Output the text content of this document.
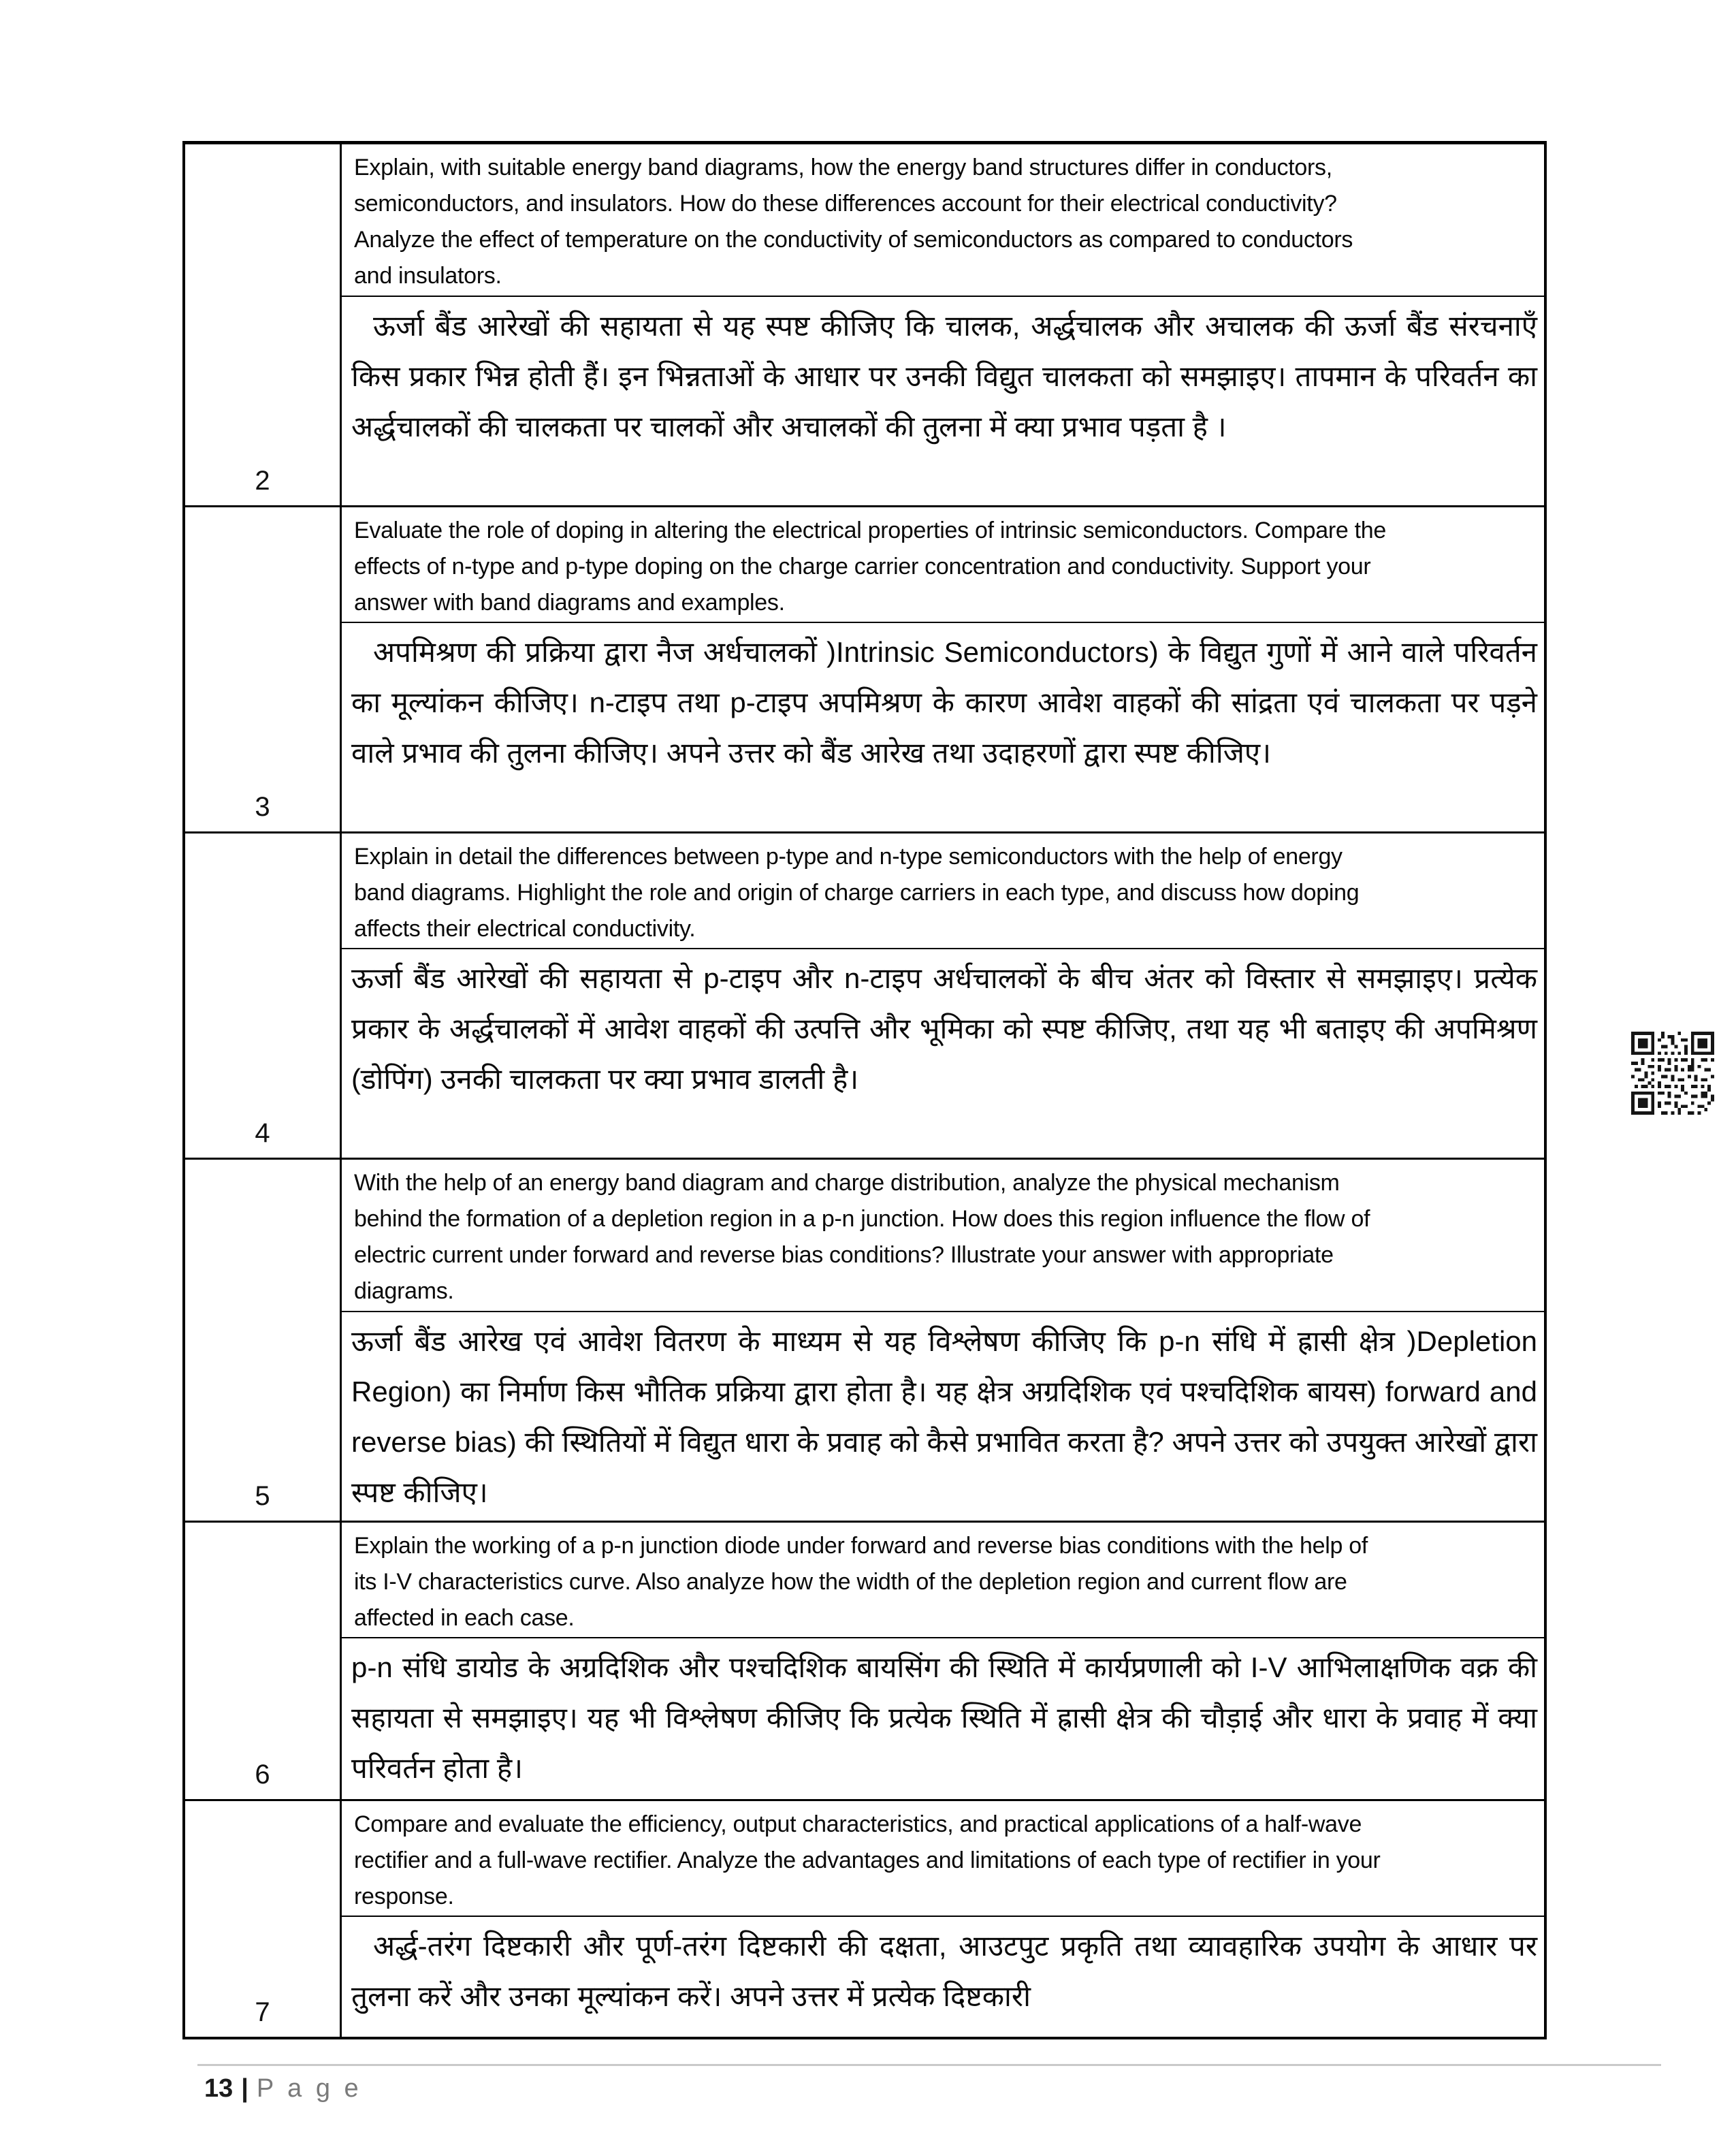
2
Explain, with suitable energy band diagrams, how the energy band structures differ in conductors, semiconductors, and insulators. How do these differences account for their electrical conductivity? Analyze the effect of temperature on the conductivity of semiconductors as compared to conductors and insulators.
ऊर्जा बैंड आरेखों की सहायता से यह स्पष्ट कीजिए कि चालक, अर्द्धचालक और अचालक की ऊर्जा बैंड संरचनाएँ किस प्रकार भिन्न होती हैं। इन भिन्नताओं के आधार पर उनकी विद्युत चालकता को समझाइए। तापमान के परिवर्तन का अर्द्धचालकों की चालकता पर चालकों और अचालकों की तुलना में क्या प्रभाव पड़ता है ।
3
Evaluate the role of doping in altering the electrical properties of intrinsic semiconductors. Compare the effects of n-type and p-type doping on the charge carrier concentration and conductivity. Support your answer with band diagrams and examples.
अपमिश्रण की प्रक्रिया द्वारा नैज अर्धचालकों )Intrinsic Semiconductors) के विद्युत गुणों में आने वाले परिवर्तन का मूल्यांकन कीजिए। n-टाइप तथा p-टाइप अपमिश्रण के कारण आवेश वाहकों की सांद्रता एवं चालकता पर पड़ने वाले प्रभाव की तुलना कीजिए। अपने उत्तर को बैंड आरेख तथा उदाहरणों द्वारा स्पष्ट कीजिए।
4
Explain in detail the differences between p-type and n-type semiconductors with the help of energy band diagrams. Highlight the role and origin of charge carriers in each type, and discuss how doping affects their electrical conductivity.
ऊर्जा बैंड आरेखों की सहायता से p-टाइप और n-टाइप अर्धचालकों के बीच अंतर को विस्तार से समझाइए। प्रत्येक प्रकार के अर्द्धचालकों में आवेश वाहकों की उत्पत्ति और भूमिका को स्पष्ट कीजिए, तथा यह भी बताइए की अपमिश्रण (डोपिंग) उनकी चालकता पर क्या प्रभाव डालती है।
5
With the help of an energy band diagram and charge distribution, analyze the physical mechanism behind the formation of a depletion region in a p-n junction. How does this region influence the flow of electric current under forward and reverse bias conditions? Illustrate your answer with appropriate diagrams.
ऊर्जा बैंड आरेख एवं आवेश वितरण के माध्यम से यह विश्लेषण कीजिए कि p-n संधि में ह्रासी क्षेत्र )Depletion Region) का निर्माण किस भौतिक प्रक्रिया द्वारा होता है। यह क्षेत्र अग्रदिशिक एवं पश्चदिशिक बायस) forward and reverse bias) की स्थितियों में विद्युत धारा के प्रवाह को कैसे प्रभावित करता है? अपने उत्तर को उपयुक्त आरेखों द्वारा स्पष्ट कीजिए।
6
Explain the working of a p-n junction diode under forward and reverse bias conditions with the help of its I-V characteristics curve. Also analyze how the width of the depletion region and current flow are affected in each case.
p-n संधि डायोड के अग्रदिशिक और पश्चदिशिक बायसिंग की स्थिति में कार्यप्रणाली को I-V आभिलाक्षणिक वक्र की सहायता से समझाइए। यह भी विश्लेषण कीजिए कि प्रत्येक स्थिति में ह्रासी क्षेत्र की चौड़ाई और धारा के प्रवाह में क्या परिवर्तन होता है।
7
Compare and evaluate the efficiency, output characteristics, and practical applications of a half-wave rectifier and a full-wave rectifier. Analyze the advantages and limitations of each type of rectifier in your response.
अर्द्ध-तरंग दिष्टकारी और पूर्ण-तरंग दिष्टकारी की दक्षता, आउटपुट प्रकृति तथा व्यावहारिक उपयोग के आधार पर तुलना करें और उनका मूल्यांकन करें। अपने उत्तर में प्रत्येक दिष्टकारी
13 | P a g e
